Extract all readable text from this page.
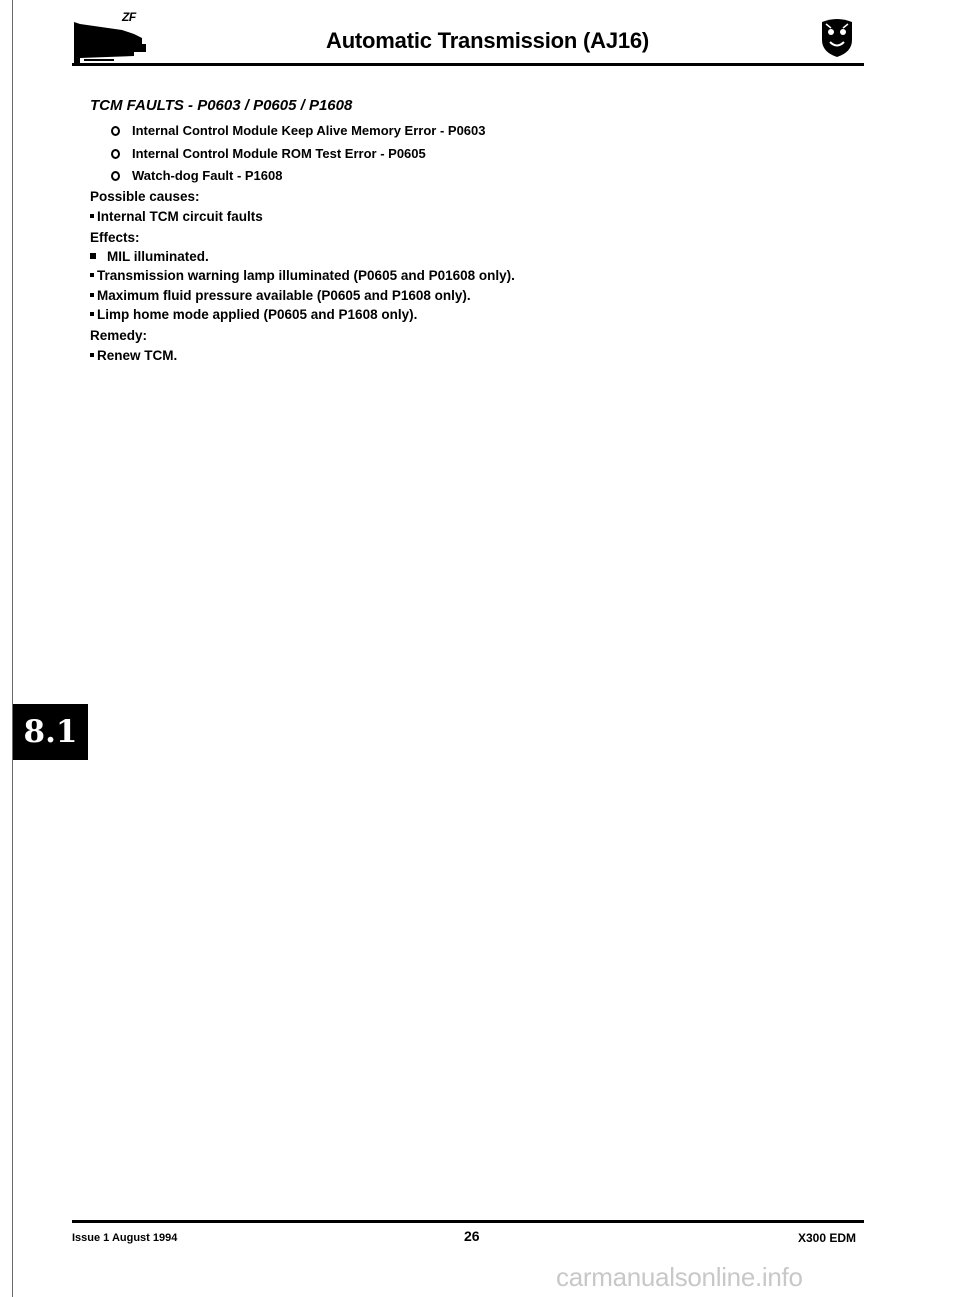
ZF
Automatic Transmission (AJ16)
TCM FAULTS - P0603 / P0605 / P1608
Internal Control Module Keep Alive Memory Error - P0603
Internal Control Module ROM Test Error - P0605
Watch-dog Fault - P1608
Possible causes:
Internal TCM circuit faults
Effects:
MIL illuminated.
Transmission warning lamp illuminated (P0605 and P01608 only).
Maximum fluid pressure available (P0605 and P1608 only).
Limp home mode applied (P0605 and P1608 only).
Remedy:
Renew TCM.
8.1
Issue 1 August 1994	26	X300 EDM
carmanualsonline.info
